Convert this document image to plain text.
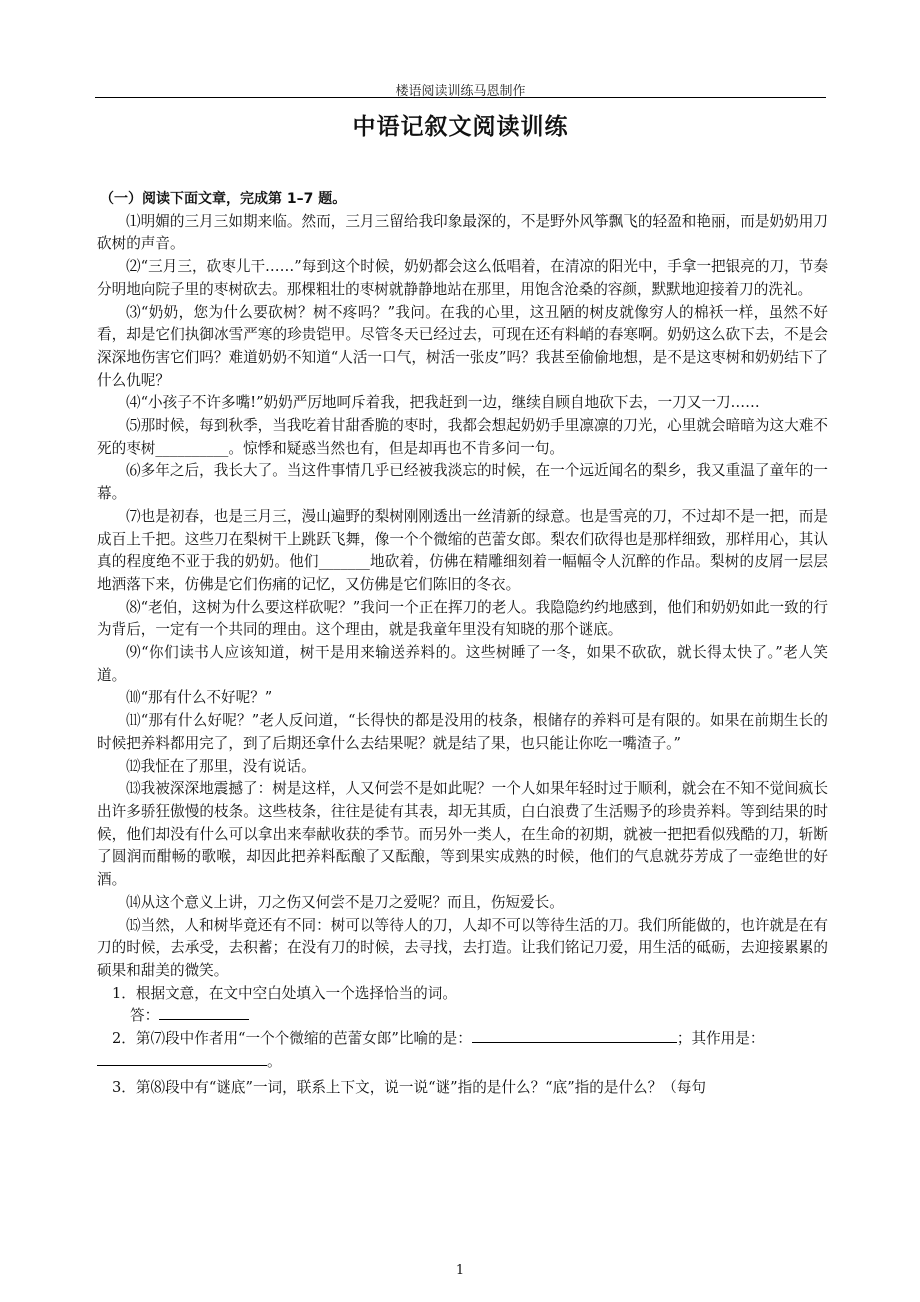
楼语阅读训练马恩制作
中语记叙文阅读训练

（一）阅读下面文章，完成第 1–7 题。

⑴明媚的三月三如期来临。然而，三月三留给我印象最深的，不是野外风筝飘飞的轻盈和艳丽，而是奶奶用刀砍树的声音。

⑵“三月三，砍枣儿干……”每到这个时候，奶奶都会这么低唱着，在清凉的阳光中，手拿一把银亮的刀，节奏分明地向院子里的枣树砍去。那棵粗壮的枣树就静静地站在那里，用饱含沧桑的容颜，默默地迎接着刀的洗礼。

⑶“奶奶，您为什么要砍树？树不疼吗？”我问。在我的心里，这丑陋的树皮就像穷人的棉袄一样，虽然不好看，却是它们执御冰雪严寒的珍贵铠甲。尽管冬天已经过去，可现在还有料峭的春寒啊。奶奶这么砍下去，不是会深深地伤害它们吗？难道奶奶不知道“人活一口气，树活一张皮”吗？我甚至偷偷地想，是不是这枣树和奶奶结下了什么仇呢？

⑷“小孩子不许多嘴!”奶奶严厉地呵斥着我，把我赶到一边，继续自顾自地砍下去，一刀又一刀……

⑸那时候，每到秋季，当我吃着甘甜香脆的枣时，我都会想起奶奶手里凛凛的刀光，心里就会暗暗为这大难不死的枣树__________。惊悸和疑惑当然也有，但是却再也不肯多问一句。

⑹多年之后，我长大了。当这件事情几乎已经被我淡忘的时候，在一个远近闻名的梨乡，我又重温了童年的一幕。

⑺也是初春，也是三月三，漫山遍野的梨树刚刚透出一丝清新的绿意。也是雪亮的刀，不过却不是一把，而是成百上千把。这些刀在梨树干上跳跃飞舞，像一个个微缩的芭蕾女郎。梨农们砍得也是那样细致，那样用心，其认真的程度绝不亚于我的奶奶。他们_______地砍着，仿佛在精雕细刻着一幅幅令人沉醉的作品。梨树的皮屑一层层地洒落下来，仿佛是它们伤痛的记忆，又仿佛是它们陈旧的冬衣。

⑻“老伯，这树为什么要这样砍呢？”我问一个正在挥刀的老人。我隐隐约约地感到，他们和奶奶如此一致的行为背后，一定有一个共同的理由。这个理由，就是我童年里没有知晓的那个谜底。

⑼“你们读书人应该知道，树干是用来输送养料的。这些树睡了一冬，如果不砍砍，就长得太快了。”老人笑道。

⑽“那有什么不好呢？”

⑾“那有什么好呢？”老人反问道，“长得快的都是没用的枝条，根储存的养料可是有限的。如果在前期生长的时候把养料都用完了，到了后期还拿什么去结果呢？就是结了果，也只能让你吃一嘴渣子。”

⑿我怔在了那里，没有说话。

⒀我被深深地震撼了：树是这样，人又何尝不是如此呢？一个人如果年轻时过于顺利，就会在不知不觉间疯长出许多骄狂傲慢的枝条。这些枝条，往往是徒有其表，却无其质，白白浪费了生活赐予的珍贵养料。等到结果的时候，他们却没有什么可以拿出来奉献收获的季节。而另外一类人，在生命的初期，就被一把把看似残酷的刀，斩断了圆润而酣畅的歌喉，却因此把养料酝酿了又酝酿，等到果实成熟的时候，他们的气息就芬芳成了一壶绝世的好酒。

⒁从这个意义上讲，刀之伤又何尝不是刀之爱呢？而且，伤短爱长。

⒂当然，人和树毕竟还有不同：树可以等待人的刀，人却不可以等待生活的刀。我们所能做的，也许就是在有刀的时候，去承受，去积蓄；在没有刀的时候，去寻找，去打造。让我们铭记刀爱，用生活的砥砺，去迎接累累的硕果和甜美的微笑。

1．根据文意，在文中空白处填入一个选择恰当的词。

答：

2．第⑺段中作者用“一个个微缩的芭蕾女郎”比喻的是：	；其作用是：

。

3．第⑻段中有“谜底”一词，联系上下文，说一说“谜”指的是什么？“底”指的是什么？（每句

1
